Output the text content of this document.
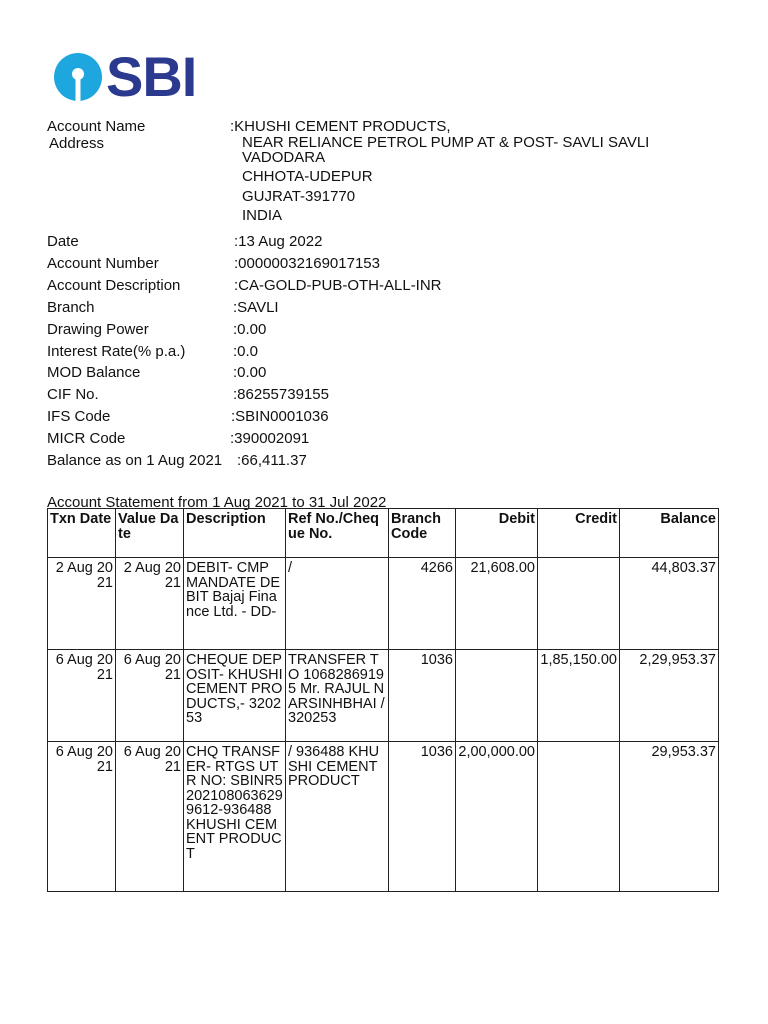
SBI
Account Name	:KHUSHI CEMENT PRODUCTS,
Address	NEAR RELIANCE PETROL PUMP AT & POST- SAVLI SAVLI
VADODARA
CHHOTA-UDEPUR
GUJRAT-391770
INDIA
Date	:13 Aug 2022
Account Number	:00000032169017153
Account Description	:CA-GOLD-PUB-OTH-ALL-INR
Branch	:SAVLI
Drawing Power	:0.00
Interest Rate(% p.a.)	:0.0
MOD Balance	:0.00
CIF No.	:86255739155
IFS Code	:SBIN0001036
MICR Code	:390002091
Balance as on 1 Aug 2021 :66,411.37
Account Statement from 1 Aug 2021 to 31 Jul 2022
Txn Date	Value Date	Description	Ref No./Cheque No.	Branch Code	Debit	Credit	Balance
2 Aug 2021	2 Aug 2021	DEBIT- CMP MANDATE DEBIT Bajaj Finance Ltd. - DD-	/	4266	21,608.00		44,803.37
6 Aug 2021	6 Aug 2021	CHEQUE DEPOSIT- KHUSHI CEMENT PRODUCTS,- 320253	TRANSFER TO 10682869195 Mr. RAJUL NARSINHBHAI / 320253	1036		1,85,150.00	2,29,953.37
6 Aug 2021	6 Aug 2021	CHQ TRANSFER- RTGS UTR NO: SBINR52021080636299612-936488 KHUSHI CEMENT PRODUCT	/ 936488 KHUSHI CEMENT PRODUCT	1036	2,00,000.00		29,953.37
